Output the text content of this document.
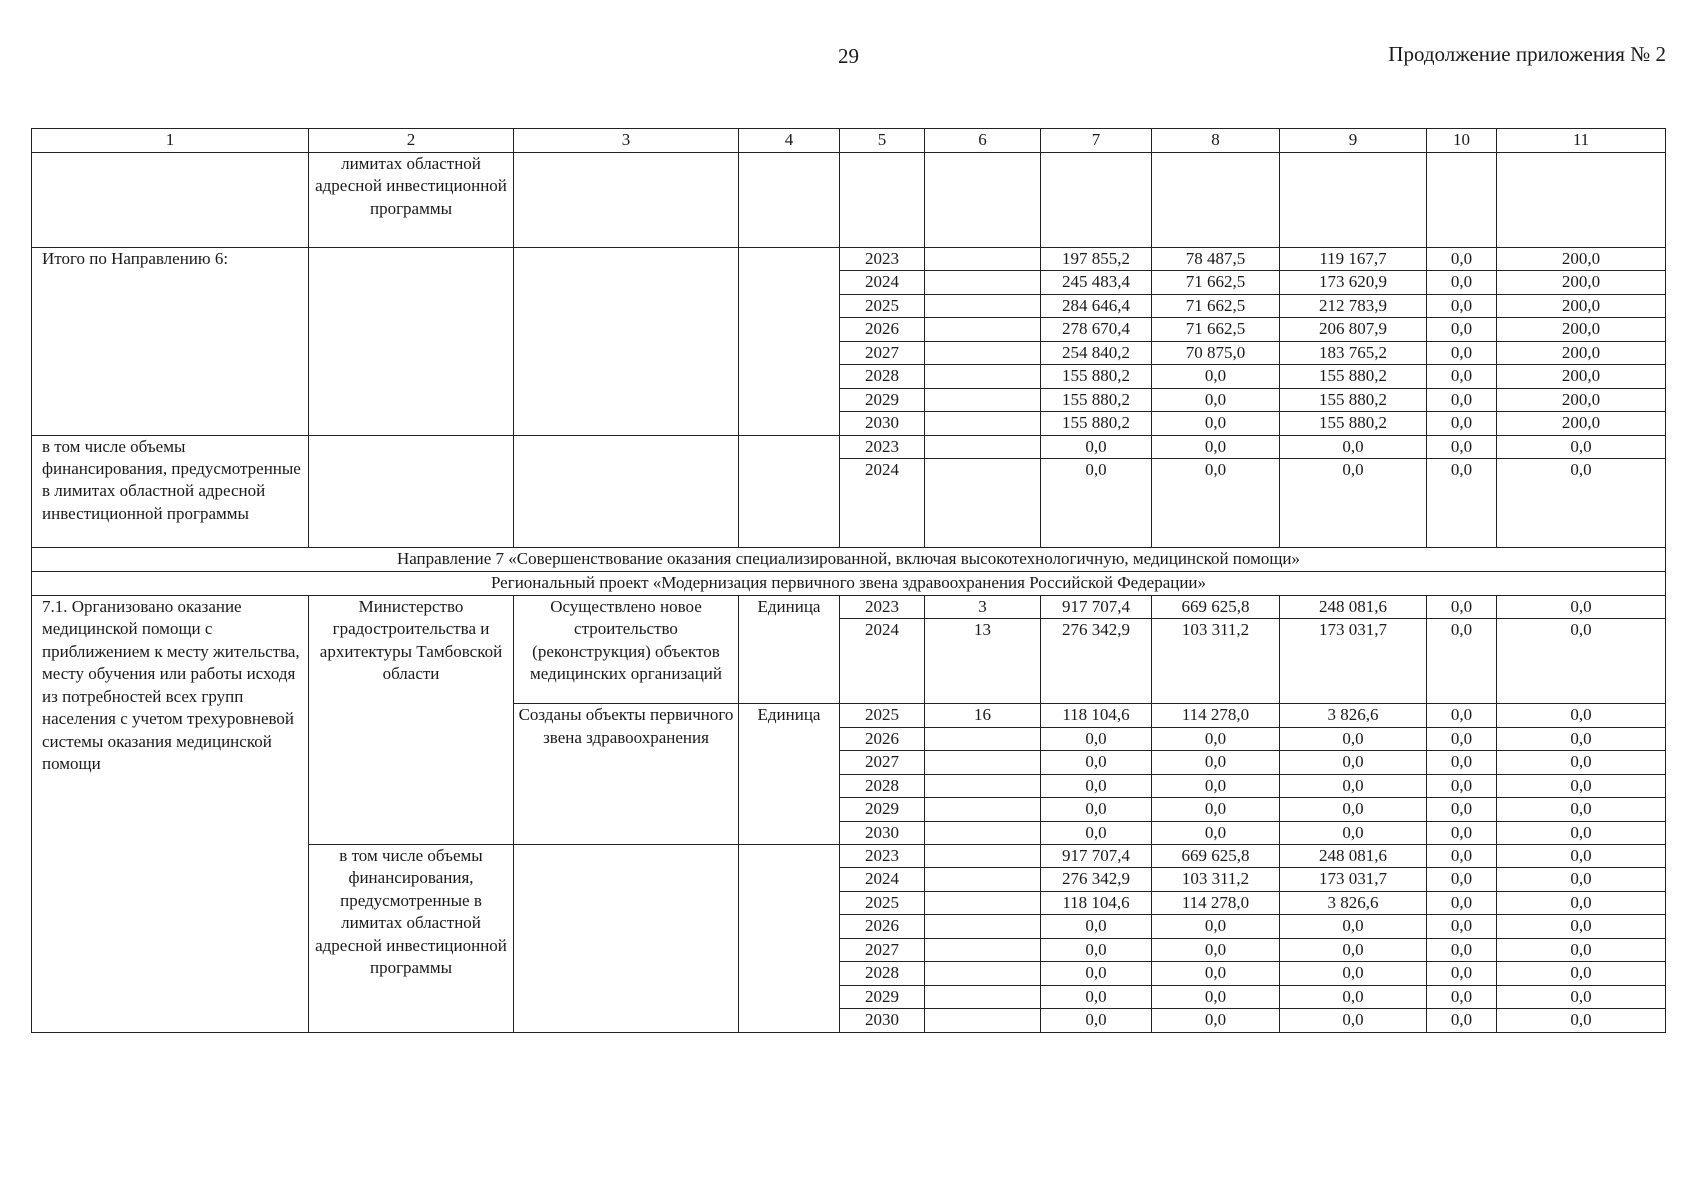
29	Продолжение приложения № 2
1	2	3	4	5	6	7	8	9	10	11
	лимитах областной адресной инвестиционной программы									
Итого по Направлению 6:				2023		197 855,2	78 487,5	119 167,7	0,0	200,0
				2024		245 483,4	71 662,5	173 620,9	0,0	200,0
				2025		284 646,4	71 662,5	212 783,9	0,0	200,0
				2026		278 670,4	71 662,5	206 807,9	0,0	200,0
				2027		254 840,2	70 875,0	183 765,2	0,0	200,0
				2028		155 880,2	0,0	155 880,2	0,0	200,0
				2029		155 880,2	0,0	155 880,2	0,0	200,0
				2030		155 880,2	0,0	155 880,2	0,0	200,0
в том числе объемы финансирования, предусмотренные в лимитах областной адресной инвестиционной программы				2023		0,0	0,0	0,0	0,0	0,0
				2024		0,0	0,0	0,0	0,0	0,0
Направление 7 «Совершенствование оказания специализированной, включая высокотехнологичную, медицинской помощи»										
Региональный проект «Модернизация первичного звена здравоохранения Российской Федерации»										
7.1. Организовано оказание медицинской помощи с приближением к месту жительства, месту обучения или работы исходя из потребностей всех групп населения с учетом трехуровневой системы оказания медицинской помощи	Министерство градостроительства и архитектуры Тамбовской области	Осуществлено новое строительство (реконструкция) объектов медицинских организаций	Единица	2023	3	917 707,4	669 625,8	248 081,6	0,0	0,0
				2024	13	276 342,9	103 311,2	173 031,7	0,0	0,0
		Созданы объекты первичного звена здравоохранения	Единица	2025	16	118 104,6	114 278,0	3 826,6	0,0	0,0
				2026		0,0	0,0	0,0	0,0	0,0
				2027		0,0	0,0	0,0	0,0	0,0
				2028		0,0	0,0	0,0	0,0	0,0
				2029		0,0	0,0	0,0	0,0	0,0
				2030		0,0	0,0	0,0	0,0	0,0
	в том числе объемы финансирования, предусмотренные в лимитах областной адресной инвестиционной программы			2023		917 707,4	669 625,8	248 081,6	0,0	0,0
				2024		276 342,9	103 311,2	173 031,7	0,0	0,0
				2025		118 104,6	114 278,0	3 826,6	0,0	0,0
				2026		0,0	0,0	0,0	0,0	0,0
				2027		0,0	0,0	0,0	0,0	0,0
				2028		0,0	0,0	0,0	0,0	0,0
				2029		0,0	0,0	0,0	0,0	0,0
				2030		0,0	0,0	0,0	0,0	0,0
